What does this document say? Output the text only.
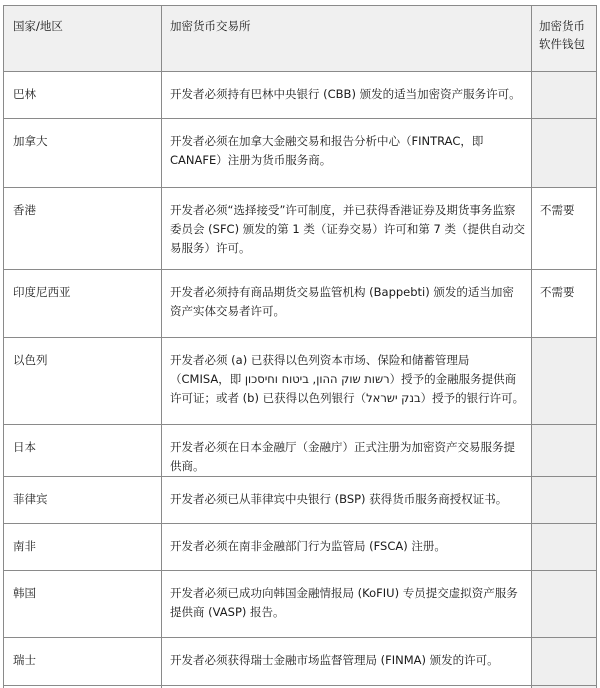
国家/地区	加密货币交易所	加密货币软件钱包
巴林	开发者必须持有巴林中央银行 (CBB) 颁发的适当加密资产服务许可。	
加拿大	开发者必须在加拿大金融交易和报告分析中心（FINTRAC，即 CANAFE）注册为货币服务商。	
香港	开发者必须“选择接受”许可制度，并已获得香港证券及期货事务监察委员会 (SFC) 颁发的第 1 类（证券交易）许可和第 7 类（提供自动交易服务）许可。	不需要
印度尼西亚	开发者必须持有商品期货交易监管机构 (Bappebti) 颁发的适当加密资产实体交易者许可。	不需要
以色列	开发者必须 (a) 已获得以色列资本市场、保险和储蓄管理局（CMISA，即 רשות שוק ההון, ביטוח וחיסכון）授予的金融服务提供商许可证；或者 (b) 已获得以色列银行（בנק ישראל）授予的银行许可。	
日本	开发者必须在日本金融厅（金融庁）正式注册为加密资产交易服务提供商。	
菲律宾	开发者必须已从菲律宾中央银行 (BSP) 获得货币服务商授权证书。	
南非	开发者必须在南非金融部门行为监管局 (FSCA) 注册。	
韩国	开发者必须已成功向韩国金融情报局 (KoFIU) 专员提交虚拟资产服务提供商 (VASP) 报告。	
瑞士	开发者必须获得瑞士金融市场监督管理局 (FINMA) 颁发的许可。	
